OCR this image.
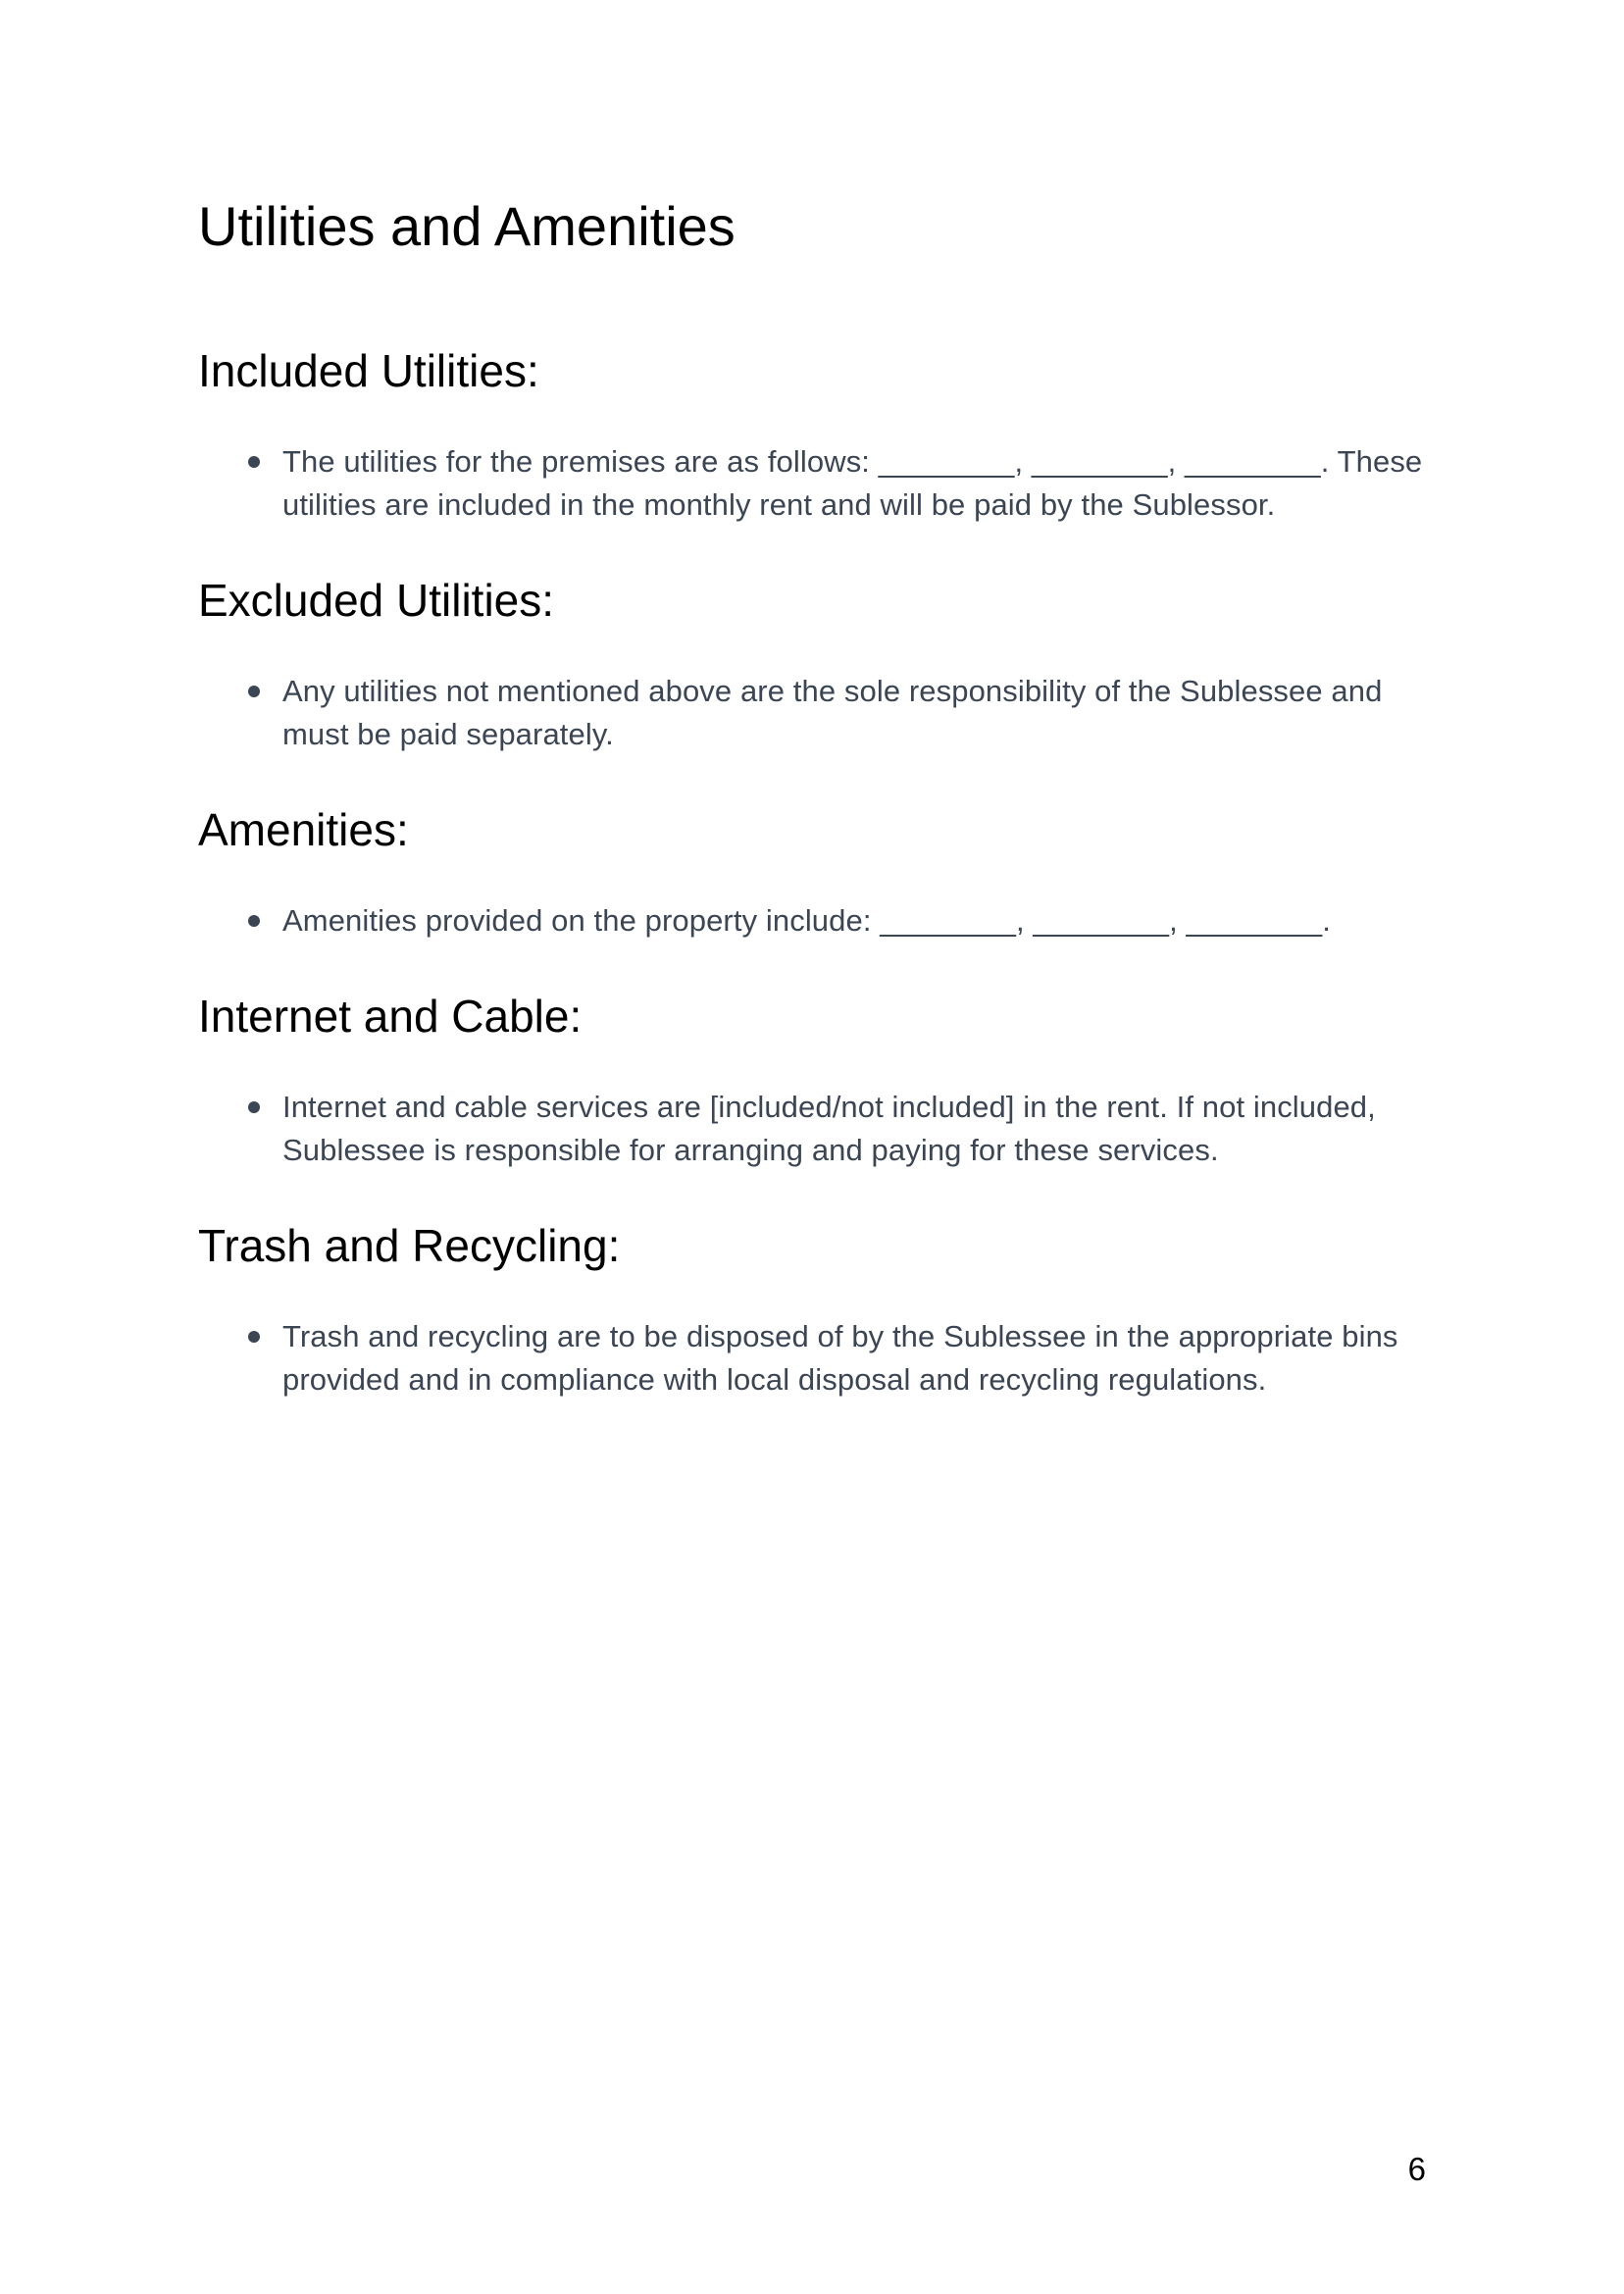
Utilities and Amenities
Included Utilities:
The utilities for the premises are as follows: ________, ________, ________. These utilities are included in the monthly rent and will be paid by the Sublessor.
Excluded Utilities:
Any utilities not mentioned above are the sole responsibility of the Sublessee and must be paid separately.
Amenities:
Amenities provided on the property include: ________, ________, ________.
Internet and Cable:
Internet and cable services are [included/not included] in the rent. If not included, Sublessee is responsible for arranging and paying for these services.
Trash and Recycling:
Trash and recycling are to be disposed of by the Sublessee in the appropriate bins provided and in compliance with local disposal and recycling regulations.
6
